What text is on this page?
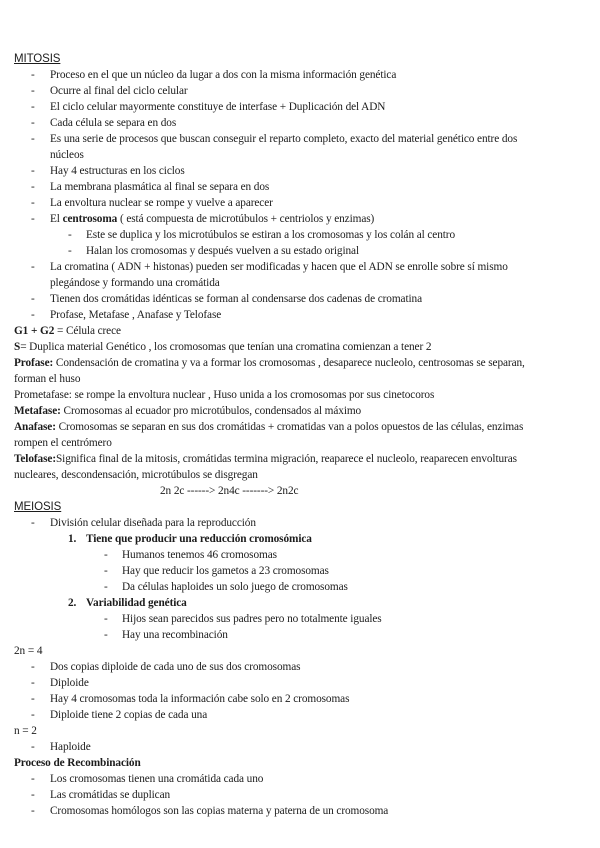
MITOSIS
- Proceso en el que un núcleo da lugar a dos con la misma información genética
- Ocurre al final del ciclo celular
- El ciclo celular mayormente constituye de interfase + Duplicación del ADN
- Cada célula se separa en dos
- Es una serie de procesos que buscan conseguir el reparto completo, exacto del material genético entre dos
núcleos
- Hay 4 estructuras en los ciclos
- La membrana plasmática al final se separa en dos
- La envoltura nuclear se rompe y vuelve a aparecer
- El centrosoma ( está compuesta de microtúbulos + centriolos y enzimas)
- Este se duplica y los microtúbulos se estiran a los cromosomas y los colán al centro
- Halan los cromosomas y después vuelven a su estado original
- La cromatina ( ADN + histonas) pueden ser modificadas y hacen que el ADN se enrolle sobre sí mismo
plegándose y formando una cromátida
- Tienen dos cromátidas idénticas se forman al condensarse dos cadenas de cromatina
- Profase, Metafase , Anafase y Telofase
G1 + G2 = Célula crece
S= Duplica material Genético , los cromosomas que tenían una cromatina comienzan a tener 2
Profase: Condensación de cromatina y va a formar los cromosomas , desaparece nucleolo, centrosomas se separan,
forman el huso
Prometafase: se rompe la envoltura nuclear , Huso unida a los cromosomas por sus cinetocoros
Metafase: Cromosomas al ecuador pro microtúbulos, condensados al máximo
Anafase: Cromosomas se separan en sus dos cromátidas + cromatidas van a polos opuestos de las células, enzimas
rompen el centrómero
Telofase:Significa final de la mitosis, cromátidas termina migración, reaparece el nucleolo, reaparecen envolturas
nucleares, descondensación, microtúbulos se disgregan
2n 2c ------> 2n4c -------> 2n2c
MEIOSIS
- División celular diseñada para la reproducción
1. Tiene que producir una reducción cromosómica
- Humanos tenemos 46 cromosomas
- Hay que reducir los gametos a 23 cromosomas
- Da células haploides un solo juego de cromosomas
2. Variabilidad genética
- Hijos sean parecidos sus padres pero no totalmente iguales
- Hay una recombinación
2n = 4
- Dos copias diploide de cada uno de sus dos cromosomas
- Diploide
- Hay 4 cromosomas toda la información cabe solo en 2 cromosomas
- Diploide tiene 2 copias de cada una
n = 2
- Haploide
Proceso de Recombinación
- Los cromosomas tienen una cromátida cada uno
- Las cromátidas se duplican
- Cromosomas homólogos son las copias materna y paterna de un cromosoma
